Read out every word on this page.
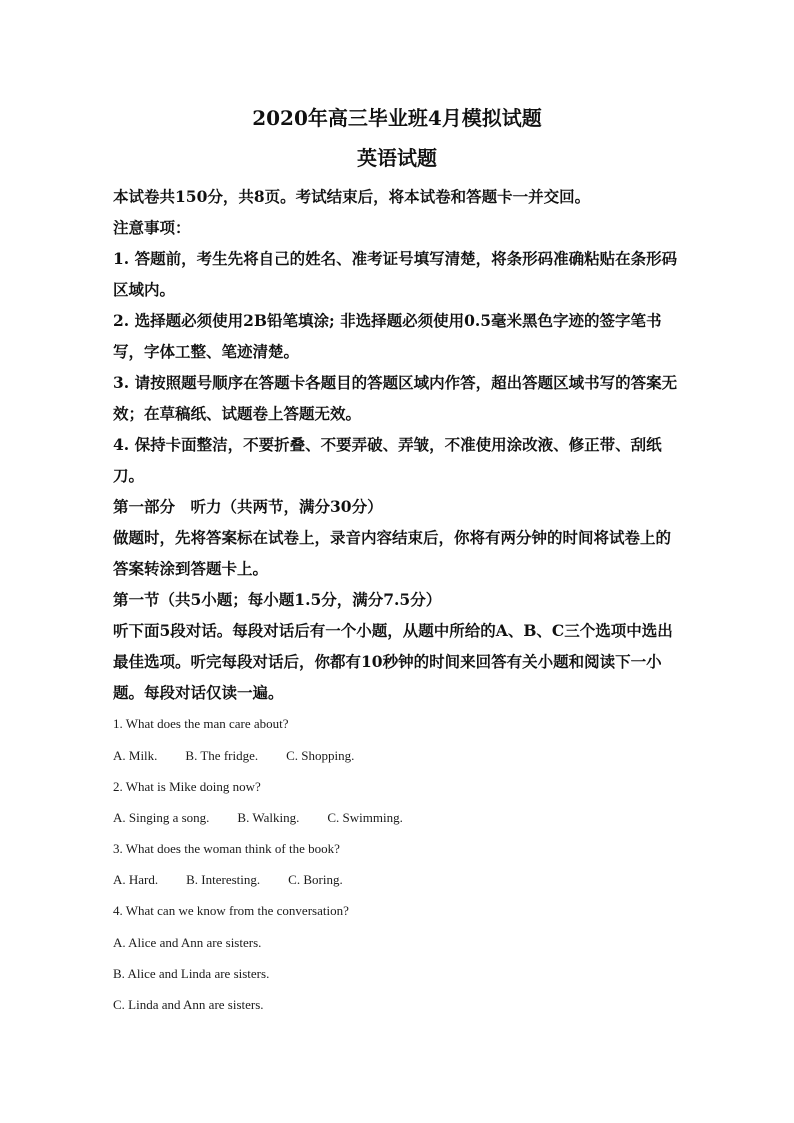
2020年高三毕业班4月模拟试题
英语试题

本试卷共150分，共8页。考试结束后，将本试卷和答题卡一并交回。

注意事项：

1. 答题前，考生先将自己的姓名、准考证号填写清楚，将条形码准确粘贴在条形码区域内。

2. 选择题必须使用2B铅笔填涂; 非选择题必须使用0.5毫米黑色字迹的签字笔书写，字体工整、笔迹清楚。

3. 请按照题号顺序在答题卡各题目的答题区域内作答，超出答题区域书写的答案无效；在草稿纸、试题卷上答题无效。

4. 保持卡面整洁，不要折叠、不要弄破、弄皱，不准使用涂改液、修正带、刮纸刀。

第一部分　听力（共两节，满分30分）

做题时，先将答案标在试卷上，录音内容结束后，你将有两分钟的时间将试卷上的答案转涂到答题卡上。

第一节（共5小题；每小题1.5分，满分7.5分）

听下面5段对话。每段对话后有一个小题，从题中所给的A、B、C三个选项中选出最佳选项。听完每段对话后，你都有10秒钟的时间来回答有关小题和阅读下一小题。每段对话仅读一遍。

1. What does the man care about?

A. Milk. B. The fridge. C. Shopping.

2. What is Mike doing now?

A. Singing a song. B. Walking. C. Swimming.

3. What does the woman think of the book?

A. Hard. B. Interesting. C. Boring.

4. What can we know from the conversation?

A. Alice and Ann are sisters.

B. Alice and Linda are sisters.

C. Linda and Ann are sisters.
